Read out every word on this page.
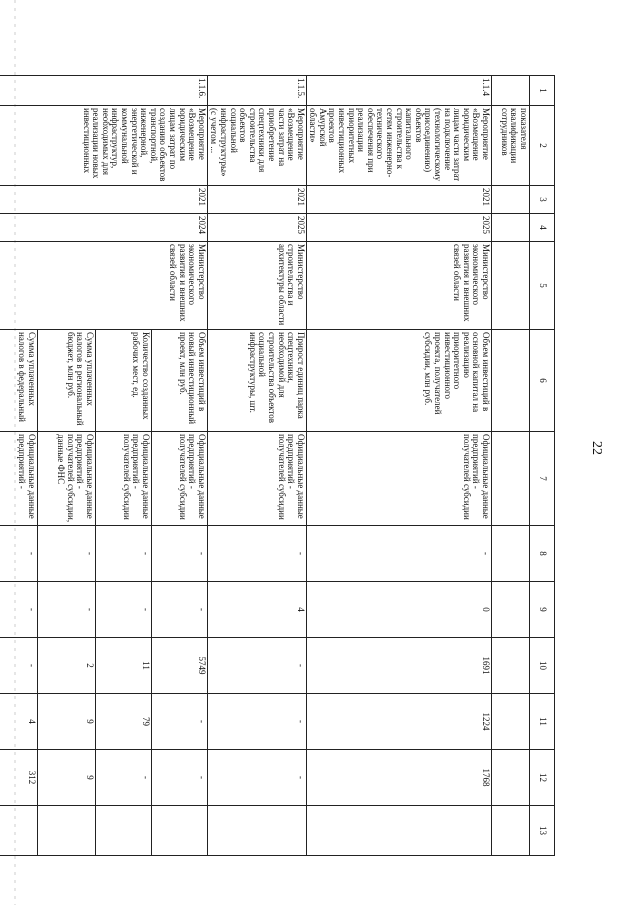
22
1	2	3	4	5	6	7	8	9	10	11	12	13
	показателя квалификации сотрудников											
1.1.4	Мероприятие «Возмещение юридическим лицам части затрат на подключение (технологическому присоединению) объектов капитального строительства к сетям инженерно-технического обеспечения при реализации приоритетных инвестиционных проектов Амурской области»	2021	2025	Министерство экономического развития и внешних связей области	Объем инвестиций в основной капитал на реализацию приоритетного инвестиционного проекта, получателей субсидии, млн руб.	Официальные данные предприятий - получателей субсидии	-	0	1691	1224	1768	
1.1.5.	Мероприятие «Возмещение части затрат на приобретение спецтехники для строительства объектов социальной инфраструктуры» (с учетом ...	2021	2025	Министерство строительства и архитектуры области	Прирост единиц парка спецтехники, необходимой для строительства объектов социальной инфраструктуры, шт.	Официальные данные предприятий - получателей субсидии	-	4	-	-	-	
1.1.6.	Мероприятие «Возмещение юридическим лицам затрат по созданию объектов транспортной, инженерной, энергетической и коммунальной инфраструктур, необходимых для реализации новых инвестиционных	2021	2024	Министерство экономического развития и внешних связей области	Объем инвестиций в новый инвестиционный проект, млн руб.	Официальные данные предприятий - получателей субсидии	-	-	5749	-	-	
					Количество созданных рабочих мест, ед.	Официальные данные предприятий - получателей субсидии	-	-	11	79	-	
					Сумма уплаченных налогов в региональный бюджет, млн руб.	Официальные данные предприятий - получателей субсидии, данные ФНС	-	-	2	9	9	
					Сумма уплаченных налогов в федеральный	Официальные данные предприятий -	-	-	-	4	312	
